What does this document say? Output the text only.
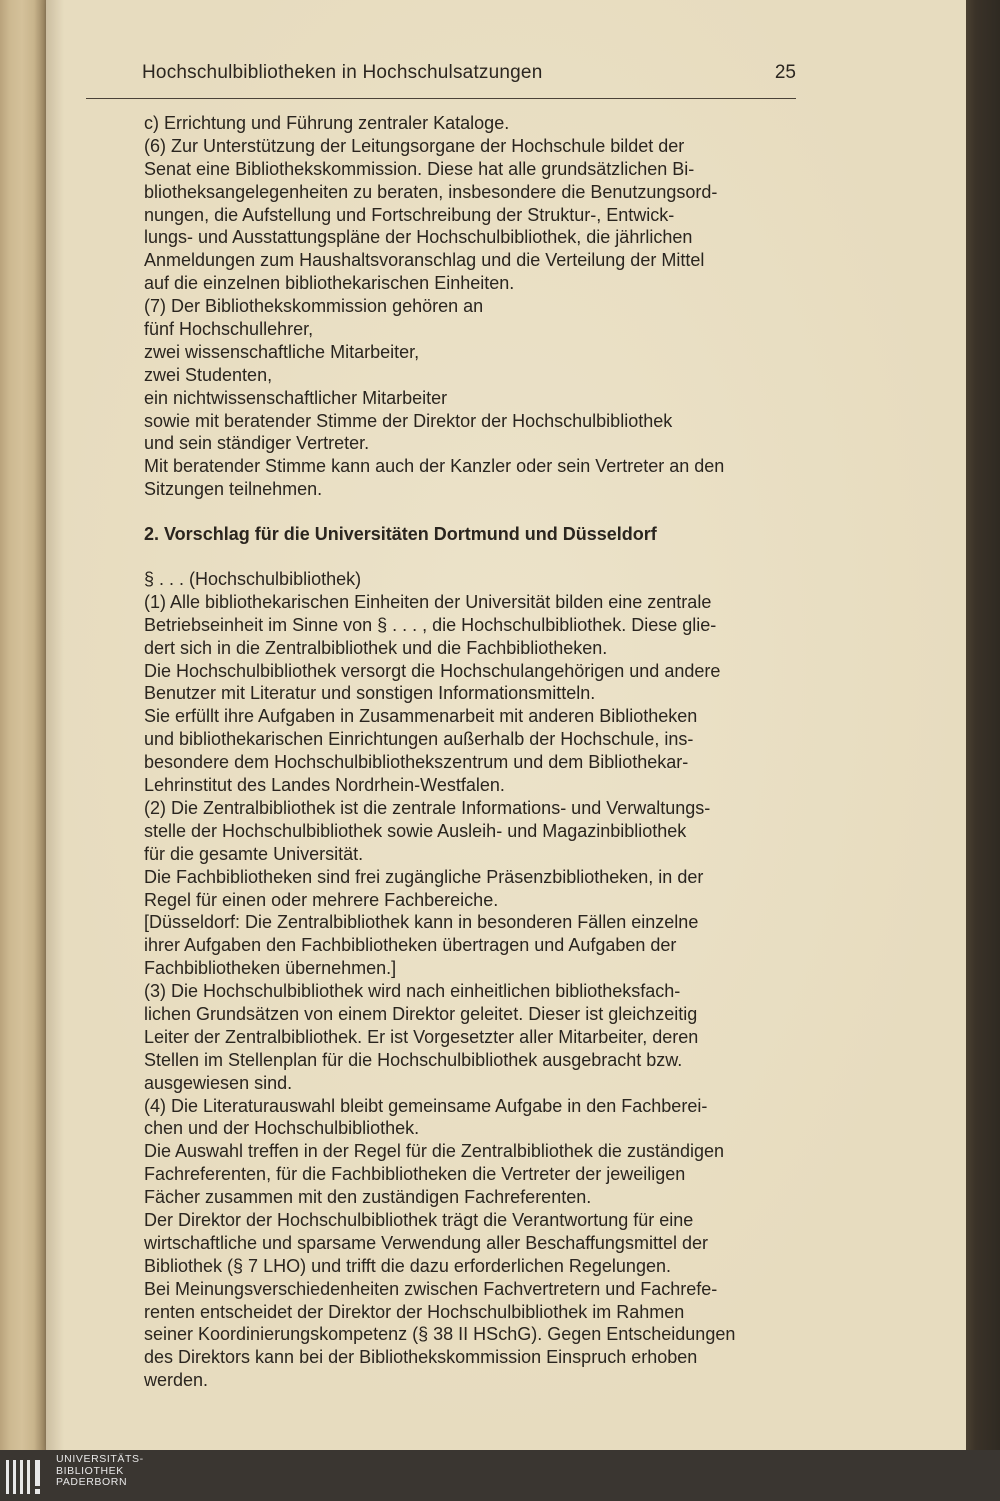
Hochschulbibliotheken in Hochschulsatzungen	25
c) Errichtung und Führung zentraler Kataloge.
(6) Zur Unterstützung der Leitungsorgane der Hochschule bildet der
Senat eine Bibliothekskommission. Diese hat alle grundsätzlichen Bi-
bliotheksangelegenheiten zu beraten, insbesondere die Benutzungsord-
nungen, die Aufstellung und Fortschreibung der Struktur-, Entwick-
lungs- und Ausstattungspläne der Hochschulbibliothek, die jährlichen
Anmeldungen zum Haushaltsvoranschlag und die Verteilung der Mittel
auf die einzelnen bibliothekarischen Einheiten.
(7) Der Bibliothekskommission gehören an
fünf Hochschullehrer,
zwei wissenschaftliche Mitarbeiter,
zwei Studenten,
ein nichtwissenschaftlicher Mitarbeiter
sowie mit beratender Stimme der Direktor der Hochschulbibliothek
und sein ständiger Vertreter.
Mit beratender Stimme kann auch der Kanzler oder sein Vertreter an den
Sitzungen teilnehmen.
2. Vorschlag für die Universitäten Dortmund und Düsseldorf
§ . . . (Hochschulbibliothek)
(1) Alle bibliothekarischen Einheiten der Universität bilden eine zentrale
Betriebseinheit im Sinne von § . . . , die Hochschulbibliothek. Diese glie-
dert sich in die Zentralbibliothek und die Fachbibliotheken.
Die Hochschulbibliothek versorgt die Hochschulangehörigen und andere
Benutzer mit Literatur und sonstigen Informationsmitteln.
Sie erfüllt ihre Aufgaben in Zusammenarbeit mit anderen Bibliotheken
und bibliothekarischen Einrichtungen außerhalb der Hochschule, ins-
besondere dem Hochschulbibliothekszentrum und dem Bibliothekar-
Lehrinstitut des Landes Nordrhein-Westfalen.
(2) Die Zentralbibliothek ist die zentrale Informations- und Verwaltungs-
stelle der Hochschulbibliothek sowie Ausleih- und Magazinbibliothek
für die gesamte Universität.
Die Fachbibliotheken sind frei zugängliche Präsenzbibliotheken, in der
Regel für einen oder mehrere Fachbereiche.
[Düsseldorf: Die Zentralbibliothek kann in besonderen Fällen einzelne
ihrer Aufgaben den Fachbibliotheken übertragen und Aufgaben der
Fachbibliotheken übernehmen.]
(3) Die Hochschulbibliothek wird nach einheitlichen bibliotheksfach-
lichen Grundsätzen von einem Direktor geleitet. Dieser ist gleichzeitig
Leiter der Zentralbibliothek. Er ist Vorgesetzter aller Mitarbeiter, deren
Stellen im Stellenplan für die Hochschulbibliothek ausgebracht bzw.
ausgewiesen sind.
(4) Die Literaturauswahl bleibt gemeinsame Aufgabe in den Fachberei-
chen und der Hochschulbibliothek.
Die Auswahl treffen in der Regel für die Zentralbibliothek die zuständigen
Fachreferenten, für die Fachbibliotheken die Vertreter der jeweiligen
Fächer zusammen mit den zuständigen Fachreferenten.
Der Direktor der Hochschulbibliothek trägt die Verantwortung für eine
wirtschaftliche und sparsame Verwendung aller Beschaffungsmittel der
Bibliothek (§ 7 LHO) und trifft die dazu erforderlichen Regelungen.
Bei Meinungsverschiedenheiten zwischen Fachvertretern und Fachrefe-
renten entscheidet der Direktor der Hochschulbibliothek im Rahmen
seiner Koordinierungskompetenz (§ 38 II HSchG). Gegen Entscheidungen
des Direktors kann bei der Bibliothekskommission Einspruch erhoben
werden.
UNIVERSITÄTS-
BIBLIOTHEK
PADERBORN
